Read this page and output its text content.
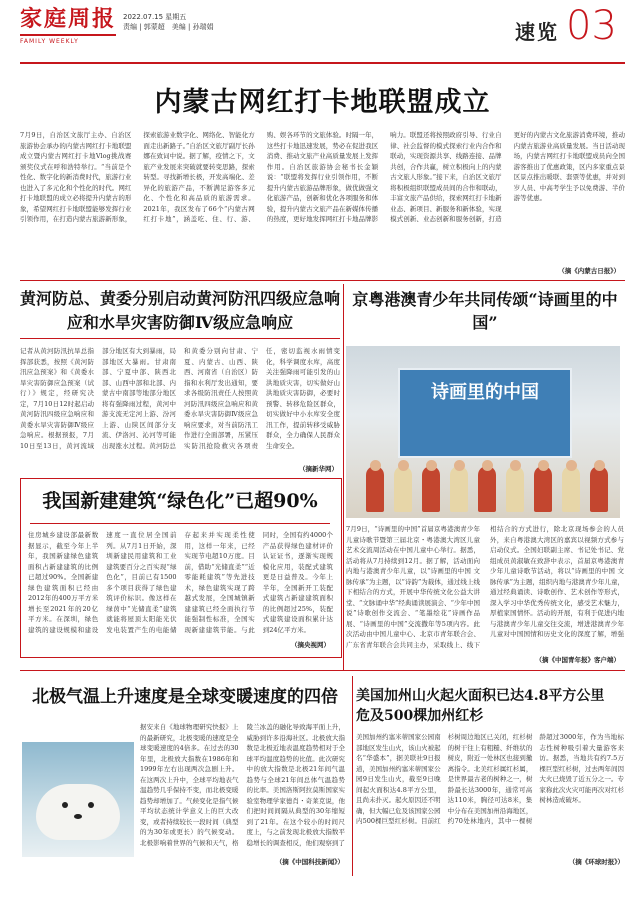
家庭周报
FAMILY WEEKLY
2022.07.15 星期五
责编 | 郭蒙超　美编 | 孙瑞娟	速览 03
内蒙古网红打卡地联盟成立
7月9日，自治区文旅厅主办、自治区旅游协会承办的内蒙古网红打卡地联盟成立暨内蒙古网红打卡地Vlog挑战赛颁奖仪式在呼和浩特举行。“当前是个性化、数字化的新消费时代，旅游行业也进入了多元化和个性化的时代。网红打卡地联盟的成立必将提升内蒙古的形象，希望网红打卡地联盟能够发挥行业引领作用，在打造内蒙古旅游新形象，探索旅游业数字化、网络化、智能化方面走出新路子。”自治区文旅厅副厅长孙娜在致词中说。据了解，疫情之下，文旅产业发展来突破就要转变思路，探索转型。寻找新增长极，开发高端化、差异化的旅游产品，不断满足游客多元化、个性化和高品质的旅游需求。2021年，我区发布了66个“内蒙古网红打卡地”，涵盖吃、住、行、游、购、娱各环节的文旅体验。时隔一年，这些打卡地迅速发展，势必在促进我区消费、推动文旅产业高质量发展上发挥作用。自治区旅游协会秘书长金颖说：“联盟将发挥行业引领作用，不断提升内蒙古旅游品牌形象，做优做强文化旅游产品，创新和优化各项服务和体验，提升内蒙古文旅产品在新媒体传播的热度，更好地发挥网红打卡地品牌影响力。联盟还将按照政府引导、行业自律、社会监督的模式探索行业内合作和联动，实现资源共享、线路连接、品牌共创，合作共赢，树立积极向上的内蒙古文旅人形象。”接下来，自治区文旅厅将积极组织联盟成员间的合作和联动，丰富文旅产品供给，探索网红打卡地新业态、新项目、新服务和新体验，实现模式创新、业态创新和服务创新，打造更好的内蒙古文化旅游消费环境，推动内蒙古旅游业高质量发展。当日活动现场，内蒙古网红打卡地联盟成员向全国游客推出了优惠政策，区内多家重点景区景点推出暖联、套票等优惠，并对到岁人员、中高考学生予以免费游、半价游等优惠。
（摘《内蒙古日报》）
黄河防总、黄委分别启动黄河防汛四级应急响应和水旱灾害防御Ⅳ级应急响应
记者从黄河防汛抗旱总指挥部获悉，按照《黄河防汛应急预案》和《黄委水旱灾害防御应急预案（试行）》规定，经研究决定，7月10日12时起启动黄河防汛四级应急响应和黄委水旱灾害防御Ⅳ级应急响应。根据预报，7月10日至13日，黄河流域部分地区有大到暴雨，局部地区大暴雨。甘肃南部、宁夏中部、陕西北部、山西中部和北部、内蒙古中南部等地部分地区将有强降雨过程，黄河中游支流无定河上游、汾河上游、山陕区间部分支流、伊洛河、沁河等可能出现涨水过程。黄河防总和黄委分别向甘肃、宁夏、内蒙古、山西、陕西、河南省（自治区）防指和水利厅发出通知，要求各级防汛责任人按照黄河防汛四级应急响应和黄委水旱灾害防御Ⅳ级应急响应要求，对当前防汛工作进行全面部署，压紧压实防汛抢险救灾各项责任，密切监视水雨情变化，科学调度水库，高度关注强降雨可能引发的山洪地质灾害，切实做好山洪地质灾害防御，必要时预警、转移危险区群众，切实做好中小水库安全度汛工作，提前转移受威胁群众，全力确保人民群众生命安全。
（摘新华网）
我国新建建筑“绿色化”已超90%
住房城乡建设部最新数据显示，截至今年上半年，我国新建绿色建筑面积占新建建筑的比例已超过90%。全国新建绿色建筑面积已经由2012年的400万平方米增长至2021年的20亿平方米。在深圳，绿色建筑的建设规模和建设速度一直位居全国前列。从7月1日开始，深圳新建民用建筑和工业建筑要百分之百实现“绿色化”，目前已有1500多个项目获得了绿色建筑评价标识。像这样在绿茵中“光储直柔”建筑就能将屋顶太阳能光伏发电装置产生的电能储存起来并实现柔性使用，这样一年来，已经实现节电超10万度。目前，借助“光储直柔”“近零能耗建筑”等先进技术，绿色建筑实现了跨越式发展，全国城镇新建建筑已经全面执行节能强制性标准，全国实现新建建筑节能。与此同时，全国有约4000个产品获得绿色建材评价认证证书，逐渐实现规模化应用，装配式建筑更是日益普及。今年上半年，全国新开工装配式建筑占新建建筑面积的比例超过25%，装配式建筑建设面积累计达到24亿平方米。
（摘央视网）
京粤港澳青少年共同传颂“诗画里的中国”
诗画里的中国
7月9日，“诗画里的中国”首届京粤港澳青少年儿童诗歌节暨第三届北京・粤港澳大湾区儿童艺术交流周活动在中国儿童中心举行。据悉，活动将从7月持续到12月。据了解，活动面向内地与港澳青少年儿童，以“诗画里的中国 文脉传承”为主题，以“诗韵”为载体，通过线上线下相结合的方式，开展中华传统文化公益大讲堂、“文脉诵中华”经典诵读展演会、“少年中国说”诗歌创作交流会、“笔墨绘花”诗画作品展、“诗画里的中国”交流撒年等5项内容。此次活动由中国儿童中心、北京市青年联合会、广东省青年联合会共同主办，采取线上、线下相结合的方式进行，除北京现场参会的人员外，来自粤港澳大湾区的嘉宾以视频方式参与启动仪式。全国妇联副主席、书记处书记、党组成员黄淑敏在致辞中表示，首届京粤港澳青少年儿童诗歌节活动，将以“诗画里的中国 文脉传承”为主题，组织内地与港澳青少年儿童，通过经典诵读、诗歌创作、艺术创作等形式，深入学习中华优秀传统文化，感受艺术魅力，厚植家国情怀。活动的开展，有利于促进内地与港澳青少年儿童交往交流，增进港澳青少年儿童对中国国情和历史文化的深度了解，增强
（摘《中国青年报》客户端）
北极气温上升速度是全球变暖速度的四倍
据安来自《地球物理研究快报》上的最新研究，北极变暖的速度是全球变暖速度的4倍多。在过去的30年里，北极放大指数在1986年和1999年左右出现两次急剧上升。在这两次上升中，全球平均地表气温趋势几乎保持不变，而北极变暖趋势却增加了。气候变化是指气候平均状态统计学意义上的巨大改变，或者持续较长一段时间（典型的为30年或更长）的气候变动。北极影响着世界的气候和天气，格陵兰冰盖的融化导致海平面上升，威胁到许多沿海社区。北极放大指数是北极近地表温度趋势相对于全球平均温度趋势的比值。此次研究中的放大指数是北极21年间气温趋势与全球21年间总体气温趋势的比率。美国洛斯阿拉莫斯国家实验室物理学家德肖・奇莱克说，他们把时间间隔从典型的30年缩短到了21年。在这个较小的时间尺度上，与之前发现北极放大指数平稳增长的调查相反，他们观察到了
（摘《中国科技新闻》）
美国加州山火起火面积已达4.8平方公里　危及500棵加州红杉
美国加州约塞米蒂国家公园南部地区发生山火，该山火被起名“华盛本”，据美联社9日报道，美国加州约塞米蒂国家公园9日发生山火，截至9日晚间起火面积达4.8平方公里，且尚未扑灭。起火原因还不明确，但大幅已危及该国家公园内500棵巨型红杉树。目前红杉树周边地区已关闭，红杉树的树干往上有粗糙、纤维状的树皮，附近一处林区也接到撤离指令。北美红杉属红杉属，是世界最古老的树种之一，树龄最长达3000年，通常可高达110米，胸径可达8米，集中分布在美国加州沿海地区，约70处林地内，其中一棵树龄超过3000年，作为当地标志性树种吸引着大量游客来访。据悉，当地共有约7.5万棵巨型红杉树，过去两年间因大火已烧毁了近五分之一。专家称此次火灾可能再次对红杉树林造成破坏。
（摘《环球时报》）
